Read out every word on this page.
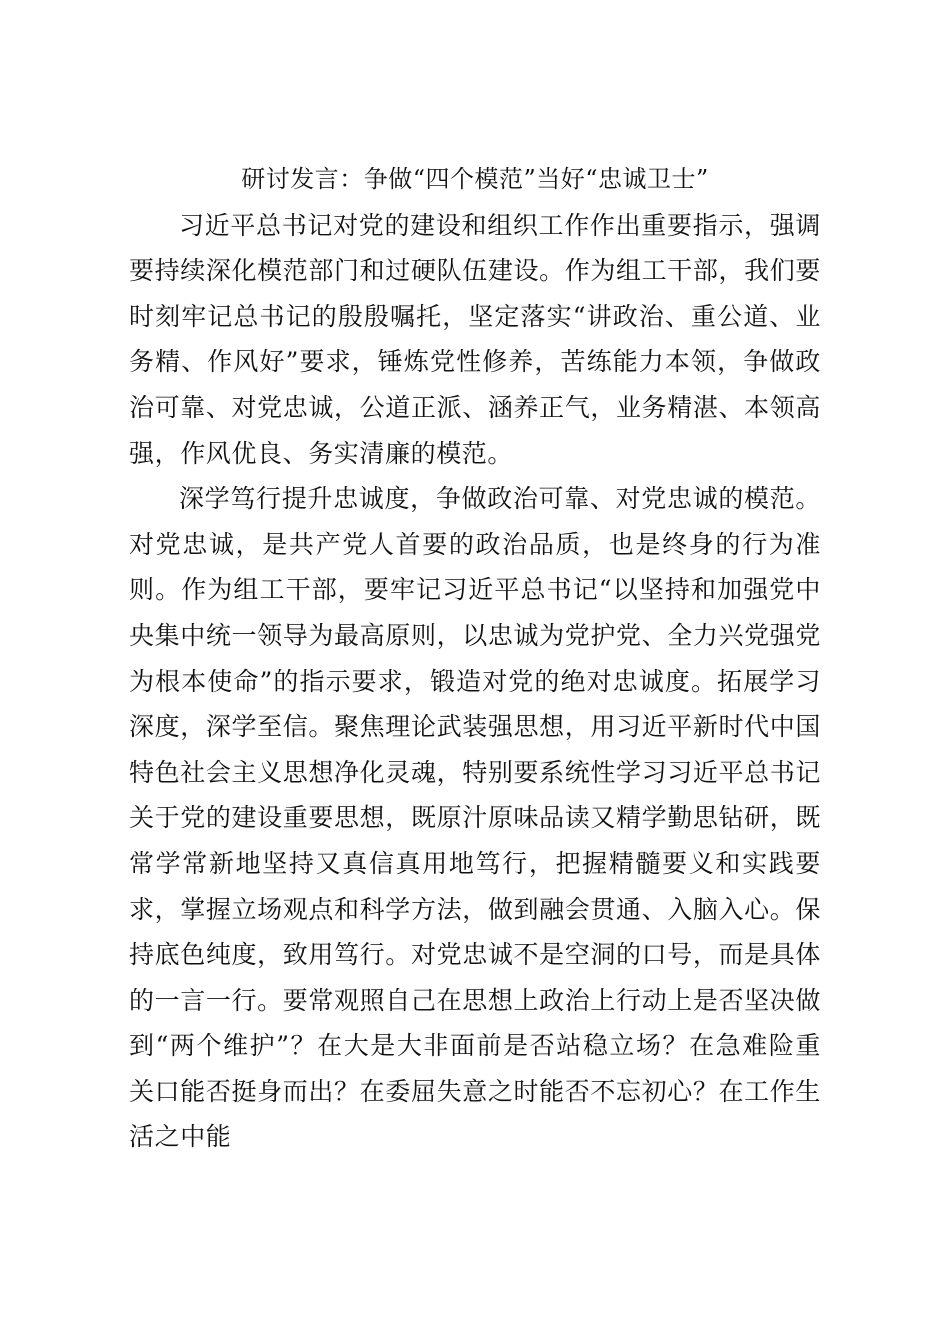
研讨发言：争做“四个模范”当好“忠诚卫士”

习近平总书记对党的建设和组织工作作出重要指示，强调要持续深化模范部门和过硬队伍建设。作为组工干部，我们要时刻牢记总书记的殷殷嘱托，坚定落实“讲政治、重公道、业务精、作风好”要求，锤炼党性修养，苦练能力本领，争做政治可靠、对党忠诚，公道正派、涵养正气，业务精湛、本领高强，作风优良、务实清廉的模范。

深学笃行提升忠诚度，争做政治可靠、对党忠诚的模范。对党忠诚，是共产党人首要的政治品质，也是终身的行为准则。作为组工干部，要牢记习近平总书记“以坚持和加强党中央集中统一领导为最高原则，以忠诚为党护党、全力兴党强党为根本使命”的指示要求，锻造对党的绝对忠诚度。拓展学习深度，深学至信。聚焦理论武装强思想，用习近平新时代中国特色社会主义思想净化灵魂，特别要系统性学习习近平总书记关于党的建设重要思想，既原汁原味品读又精学勤思钻研，既常学常新地坚持又真信真用地笃行，把握精髓要义和实践要求，掌握立场观点和科学方法，做到融会贯通、入脑入心。保持底色纯度，致用笃行。对党忠诚不是空洞的口号，而是具体的一言一行。要常观照自己在思想上政治上行动上是否坚决做到“两个维护”？在大是大非面前是否站稳立场？在急难险重关口能否挺身而出？在委屈失意之时能否不忘初心？在工作生活之中能
